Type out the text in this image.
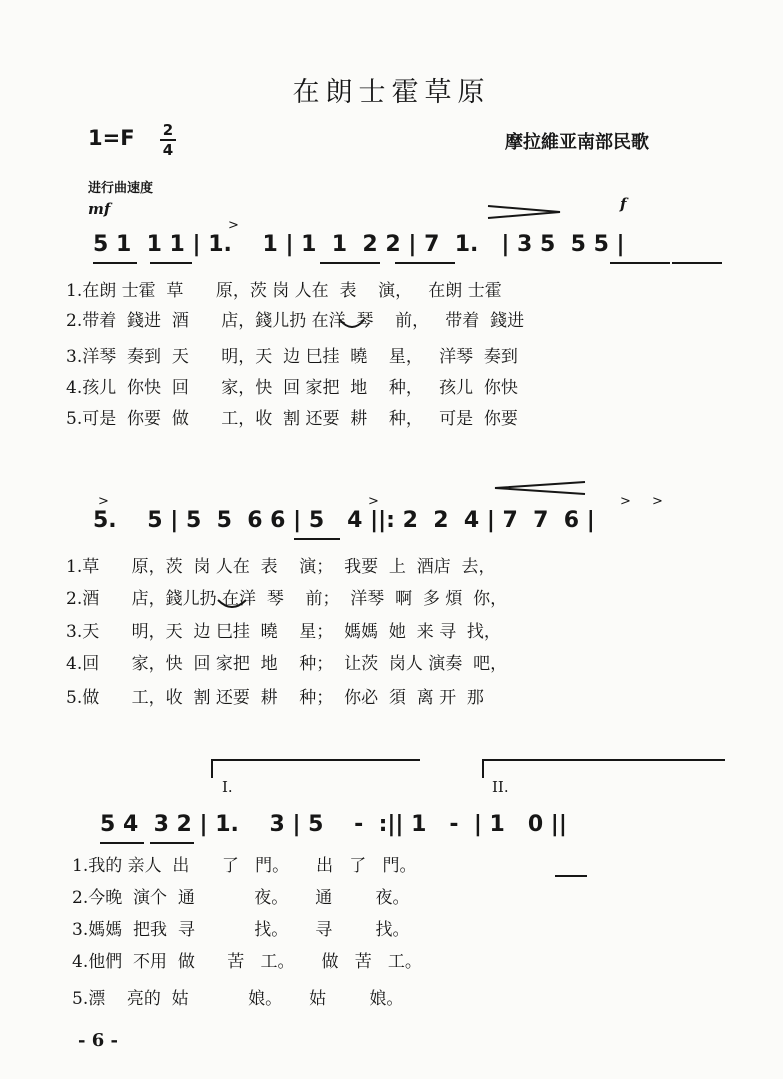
在朗士霍草原
1=F	2
4	摩拉維亚南部民歌
进行曲速度
mf	f
5 1  1 1 | 1.    1 | 1  1  2 2 | 7  1.   | 3 5  5 5 |
>
1.在朗 士霍  草      原，茨 岗 人在  表    演，   在朗 士霍
2.带着  錢进  酒      店，錢儿扔 在洋  琴    前，   带着  錢进
3.洋琴  奏到  天      明，天  边 巳挂  曉    星，   洋琴  奏到
4.孩儿  你快  回      家，快  回 家把  地    种，   孩儿  你快
5.可是  你要  做      工，收  割 还要  耕    种，   可是  你要
>	>	> >
5.    5 | 5  5  6 6 | 5   4 ||: 2  2  4 | 7  7  6 |
1.草      原，茨  岗 人在  表    演；  我要  上  酒店  去，
2.酒      店，錢儿扔 在洋  琴    前；  洋琴  啊  多 煩  你，
3.天      明，天  边 巳挂  曉    星；  媽媽  她  来 寻  找，
4.回      家，快  回 家把  地    种；  让茨  岗人 演奏  吧，
5.做      工，收  割 还要  耕    种；  你必  須  离 开  那
I.	II.
5 4  3 2 | 1.    3 | 5    -  :|| 1   -  | 1   0 ||
1.我的 亲人  出      了   門。     出   了   門。
2.今晚  演个  通           夜。     通        夜。
3.媽媽  把我  寻           找。     寻        找。
4.他們  不用  做      苦   工。     做   苦   工。
5.漂    亮的  姑           娘。     姑        娘。
- 6 -
